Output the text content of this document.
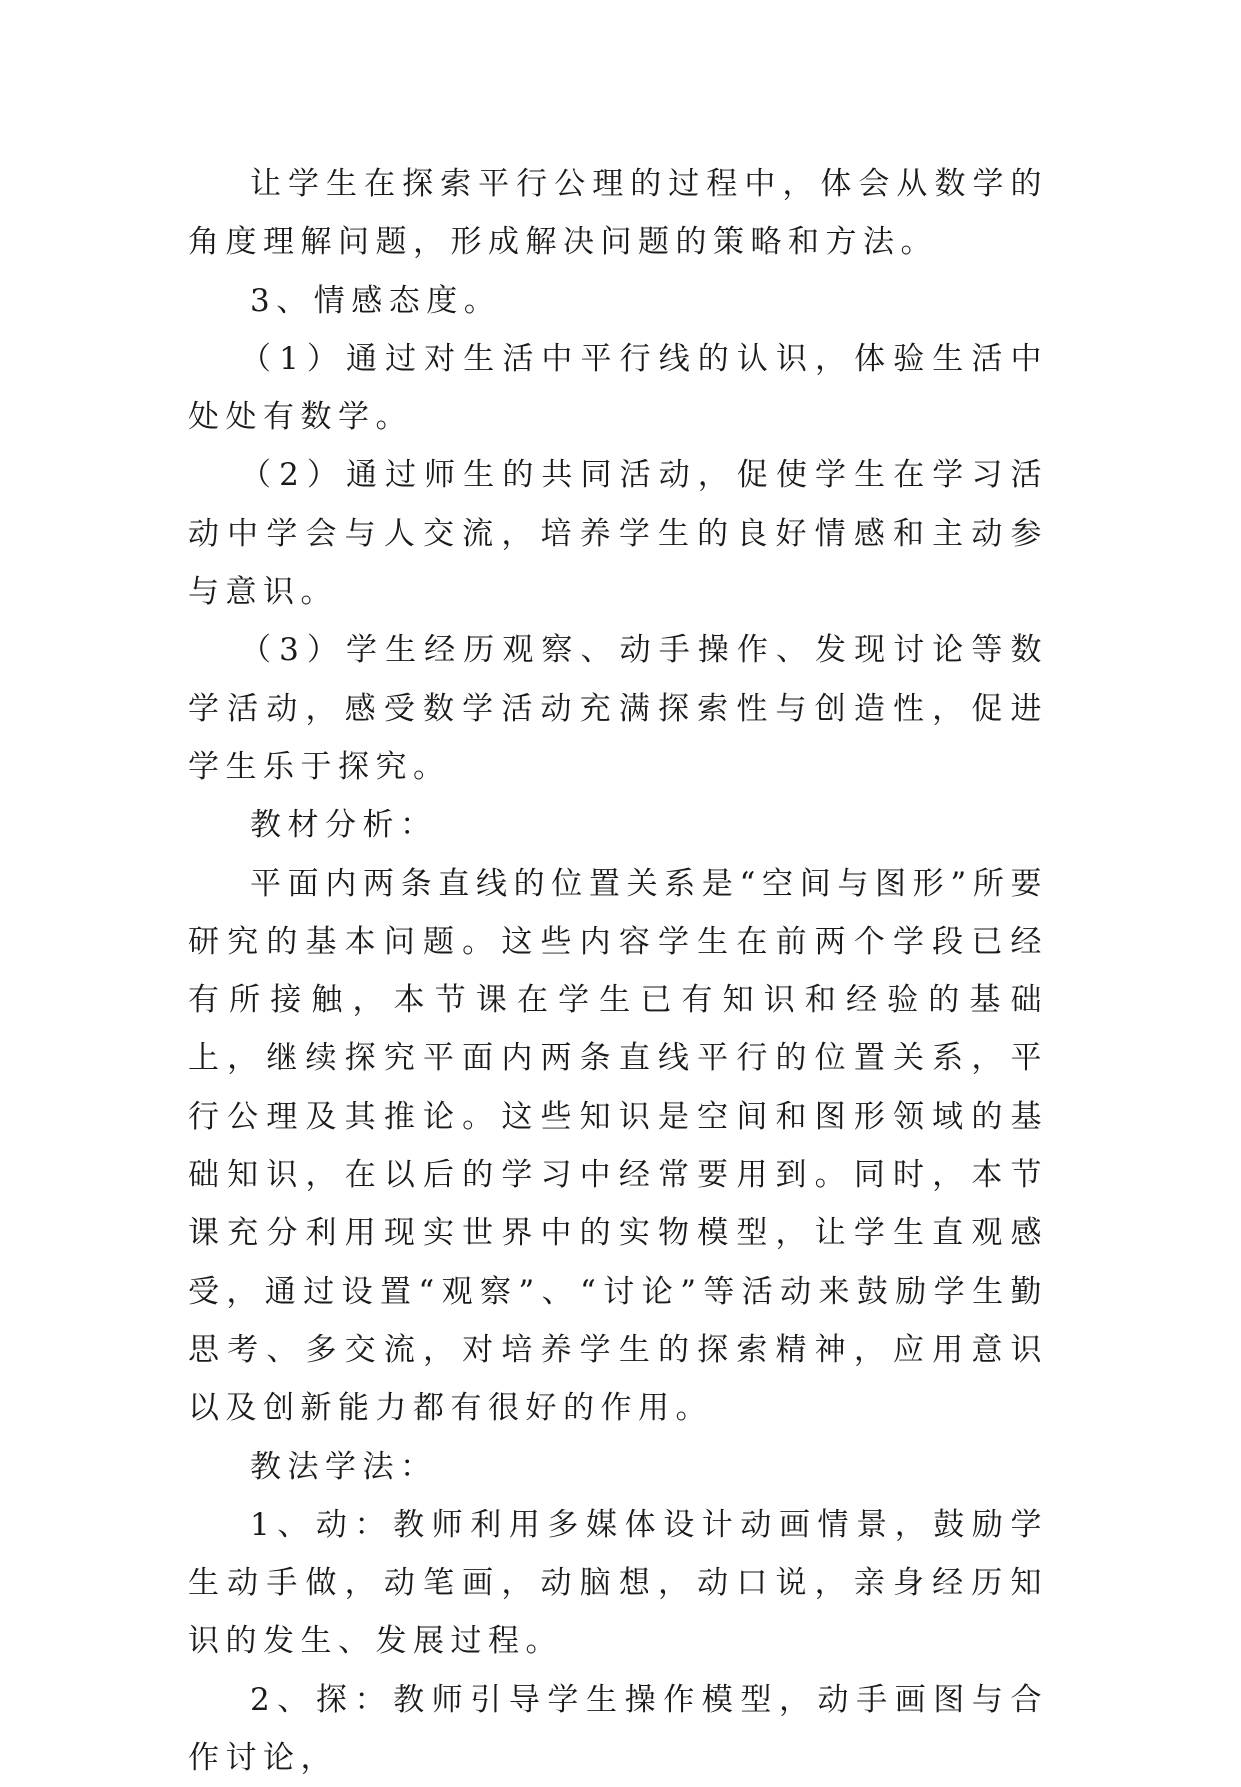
让学生在探索平行公理的过程中，体会从数学的角度理解问题，形成解决问题的策略和方法。

3、情感态度。

（1）通过对生活中平行线的认识，体验生活中处处有数学。

（2）通过师生的共同活动，促使学生在学习活动中学会与人交流，培养学生的良好情感和主动参与意识。

（3）学生经历观察、动手操作、发现讨论等数学活动，感受数学活动充满探索性与创造性，促进学生乐于探究。

教材分析：

平面内两条直线的位置关系是“空间与图形”所要研究的基本问题。这些内容学生在前两个学段已经有所接触，本节课在学生已有知识和经验的基础上，继续探究平面内两条直线平行的位置关系，平行公理及其推论。这些知识是空间和图形领域的基础知识，在以后的学习中经常要用到。同时，本节课充分利用现实世界中的实物模型，让学生直观感受，通过设置“观察”、“讨论”等活动来鼓励学生勤思考、多交流，对培养学生的探索精神，应用意识以及创新能力都有很好的作用。

教法学法：

1、动：教师利用多媒体设计动画情景，鼓励学生动手做，动笔画，动脑想，动口说，亲身经历知识的发生、发展过程。

2、探：教师引导学生操作模型，动手画图与合作讨论，
